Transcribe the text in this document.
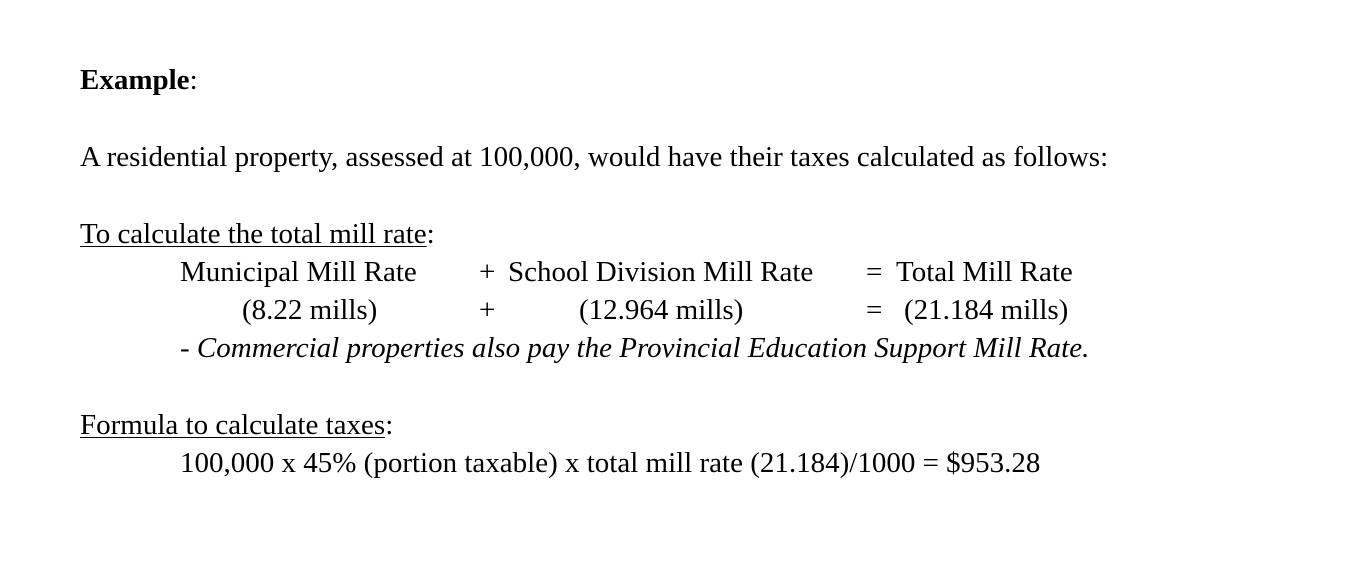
Example:
A residential property, assessed at 100,000, would have their taxes calculated as follows:
To calculate the total mill rate:
Municipal Mill Rate + School Division Mill Rate = Total Mill Rate
(8.22 mills)	+	(12.964 mills)	= (21.184 mills)
- Commercial properties also pay the Provincial Education Support Mill Rate.
Formula to calculate taxes:
100,000 x 45% (portion taxable) x total mill rate (21.184)/1000 = $953.28
